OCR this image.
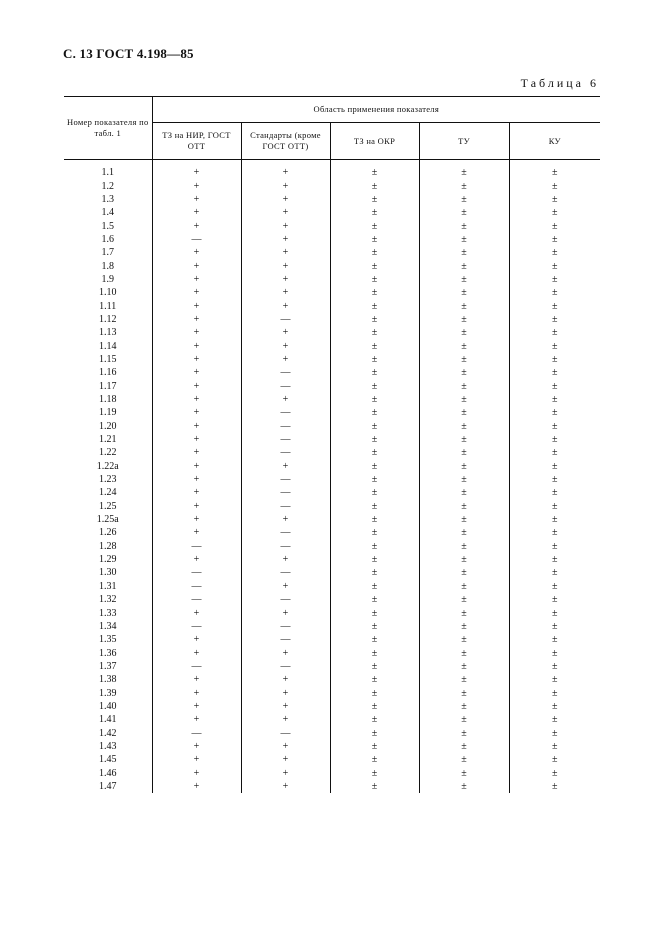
С. 13 ГОСТ 4.198—85
Таблица 6
Номер показателя по табл. 1	Область применения показателя				
	ТЗ на НИР, ГОСТ ОТТ	Стандарты (кроме ГОСТ ОТТ)	ТЗ на ОКР	ТУ	КУ

1.1	+	+	±	±	±
1.2	+	+	±	±	±
1.3	+	+	±	±	±
1.4	+	+	±	±	±
1.5	+	+	±	±	±
1.6	—	+	±	±	±
1.7	+	+	±	±	±
1.8	+	+	±	±	±
1.9	+	+	±	±	±
1.10	+	+	±	±	±
1.11	+	+	±	±	±
1.12	+	—	±	±	±
1.13	+	+	±	±	±
1.14	+	+	±	±	±
1.15	+	+	±	±	±
1.16	+	—	±	±	±
1.17	+	—	±	±	±
1.18	+	+	±	±	±
1.19	+	—	±	±	±
1.20	+	—	±	±	±
1.21	+	—	±	±	±
1.22	+	—	±	±	±
1.22а	+	+	±	±	±
1.23	+	—	±	±	±
1.24	+	—	±	±	±
1.25	+	—	±	±	±
1.25а	+	+	±	±	±
1.26	+	—	±	±	±
1.28	—	—	±	±	±
1.29	+	+	±	±	±
1.30	—	—	±	±	±
1.31	—	+	±	±	±
1.32	—	—	±	±	±
1.33	+	+	±	±	±
1.34	—	—	±	±	±
1.35	+	—	±	±	±
1.36	+	+	±	±	±
1.37	—	—	±	±	±
1.38	+	+	±	±	±
1.39	+	+	±	±	±
1.40	+	+	±	±	±
1.41	+	+	±	±	±
1.42	—	—	±	±	±
1.43	+	+	±	±	±
1.45	+	+	±	±	±
1.46	+	+	±	±	±
1.47	+	+	±	±	±
